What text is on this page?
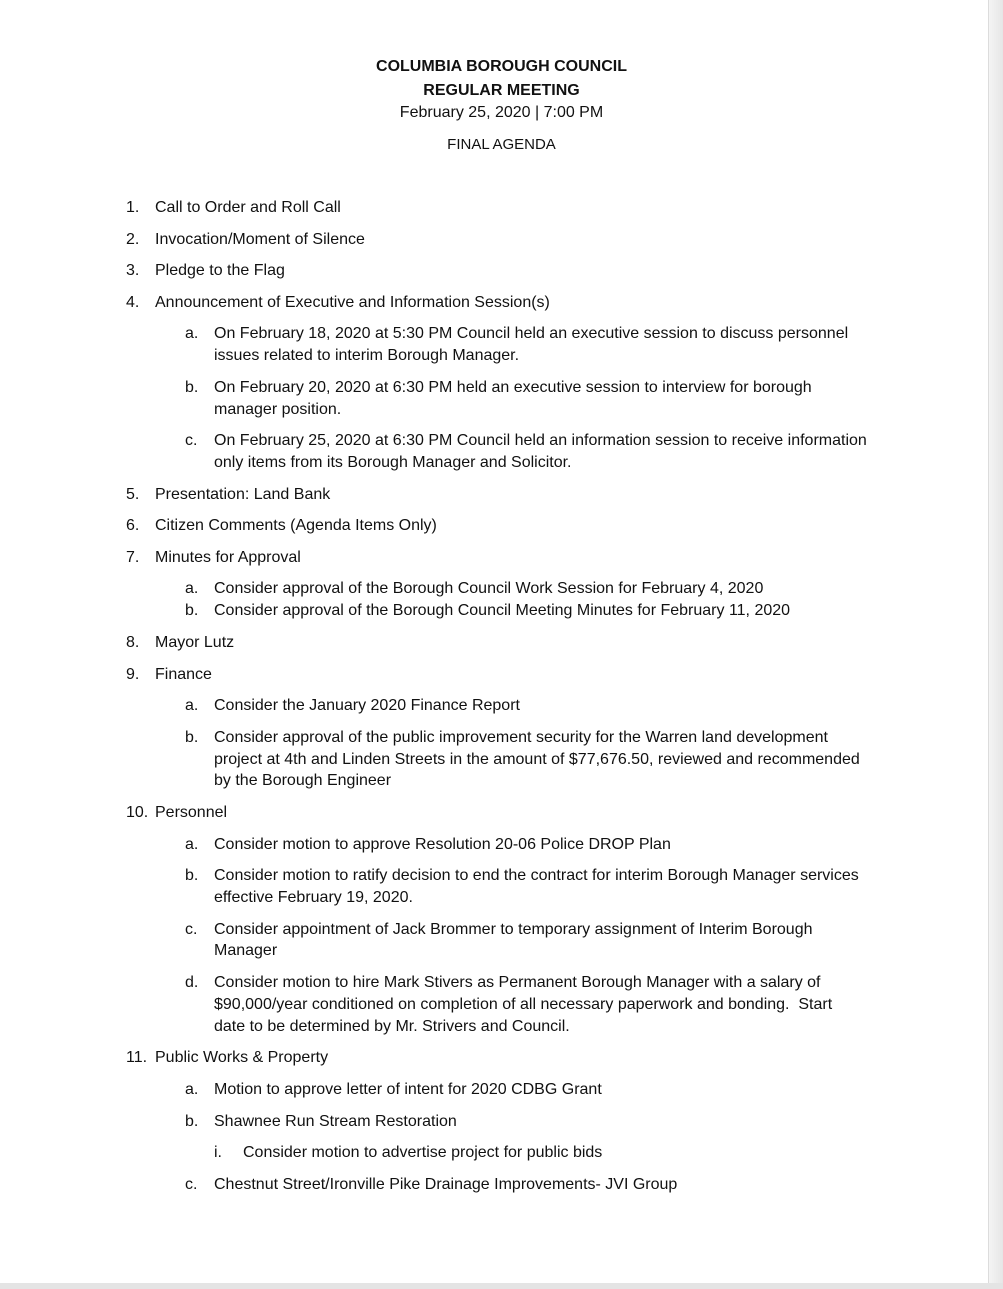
COLUMBIA BOROUGH COUNCIL
REGULAR MEETING
February 25, 2020 | 7:00 PM
FINAL AGENDA
1. Call to Order and Roll Call
2. Invocation/Moment of Silence
3. Pledge to the Flag
4. Announcement of Executive and Information Session(s)
a. On February 18, 2020 at 5:30 PM Council held an executive session to discuss personnel
issues related to interim Borough Manager.
b. On February 20, 2020 at 6:30 PM held an executive session to interview for borough
manager position.
c. On February 25, 2020 at 6:30 PM Council held an information session to receive information
only items from its Borough Manager and Solicitor.
5. Presentation: Land Bank
6. Citizen Comments (Agenda Items Only)
7. Minutes for Approval
a. Consider approval of the Borough Council Work Session for February 4, 2020
b. Consider approval of the Borough Council Meeting Minutes for February 11, 2020
8. Mayor Lutz
9. Finance
a. Consider the January 2020 Finance Report
b. Consider approval of the public improvement security for the Warren land development
project at 4th and Linden Streets in the amount of $77,676.50, reviewed and recommended
by the Borough Engineer
10. Personnel
a. Consider motion to approve Resolution 20-06 Police DROP Plan
b. Consider motion to ratify decision to end the contract for interim Borough Manager services
effective February 19, 2020.
c. Consider appointment of Jack Brommer to temporary assignment of Interim Borough
Manager
d. Consider motion to hire Mark Stivers as Permanent Borough Manager with a salary of
$90,000/year conditioned on completion of all necessary paperwork and bonding.  Start
date to be determined by Mr. Strivers and Council.
11. Public Works & Property
a. Motion to approve letter of intent for 2020 CDBG Grant
b. Shawnee Run Stream Restoration
i. Consider motion to advertise project for public bids
c. Chestnut Street/Ironville Pike Drainage Improvements- JVI Group
